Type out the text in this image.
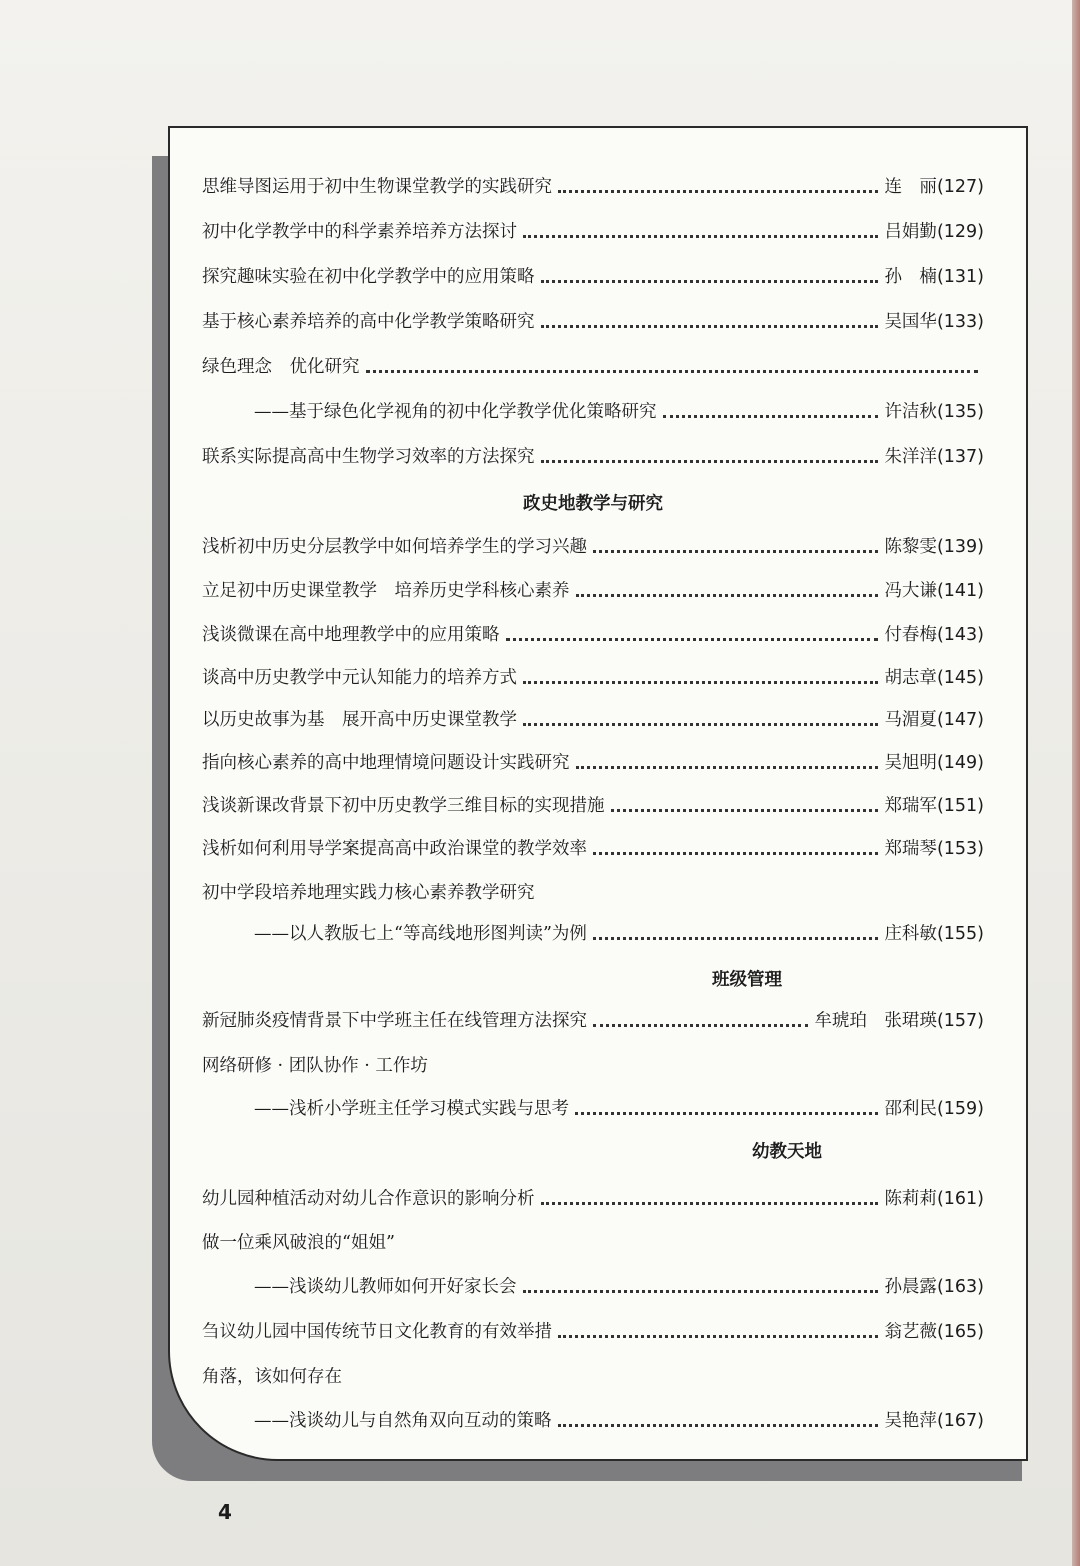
思维导图运用于初中生物课堂教学的实践研究	连　丽 (127)
初中化学教学中的科学素养培养方法探讨	吕娟勤 (129)
探究趣味实验在初中化学教学中的应用策略	孙　楠 (131)
基于核心素养培养的高中化学教学策略研究	吴国华 (133)
绿色理念　优化研究
——基于绿色化学视角的初中化学教学优化策略研究	许洁秋 (135)
联系实际提高高中生物学习效率的方法探究	朱洋洋 (137)
政史地教学与研究
浅析初中历史分层教学中如何培养学生的学习兴趣	陈黎雯 (139)
立足初中历史课堂教学　培养历史学科核心素养	冯大谦 (141)
浅谈微课在高中地理教学中的应用策略	付春梅 (143)
谈高中历史教学中元认知能力的培养方式	胡志章 (145)
以历史故事为基　展开高中历史课堂教学	马湄夏 (147)
指向核心素养的高中地理情境问题设计实践研究	吴旭明 (149)
浅谈新课改背景下初中历史教学三维目标的实现措施	郑瑞军 (151)
浅析如何利用导学案提高高中政治课堂的教学效率	郑瑞琴 (153)
初中学段培养地理实践力核心素养教学研究
——以人教版七上“等高线地形图判读”为例	庄科敏 (155)
班级管理
新冠肺炎疫情背景下中学班主任在线管理方法探究	牟琥珀　张珺瑛 (157)
网络研修 · 团队协作 · 工作坊
——浅析小学班主任学习模式实践与思考	邵利民 (159)
幼教天地
幼儿园种植活动对幼儿合作意识的影响分析	陈莉莉 (161)
做一位乘风破浪的“姐姐”
——浅谈幼儿教师如何开好家长会	孙晨露 (163)
刍议幼儿园中国传统节日文化教育的有效举措	翁艺薇 (165)
角落，该如何存在
——浅谈幼儿与自然角双向互动的策略	吴艳萍 (167)
4
